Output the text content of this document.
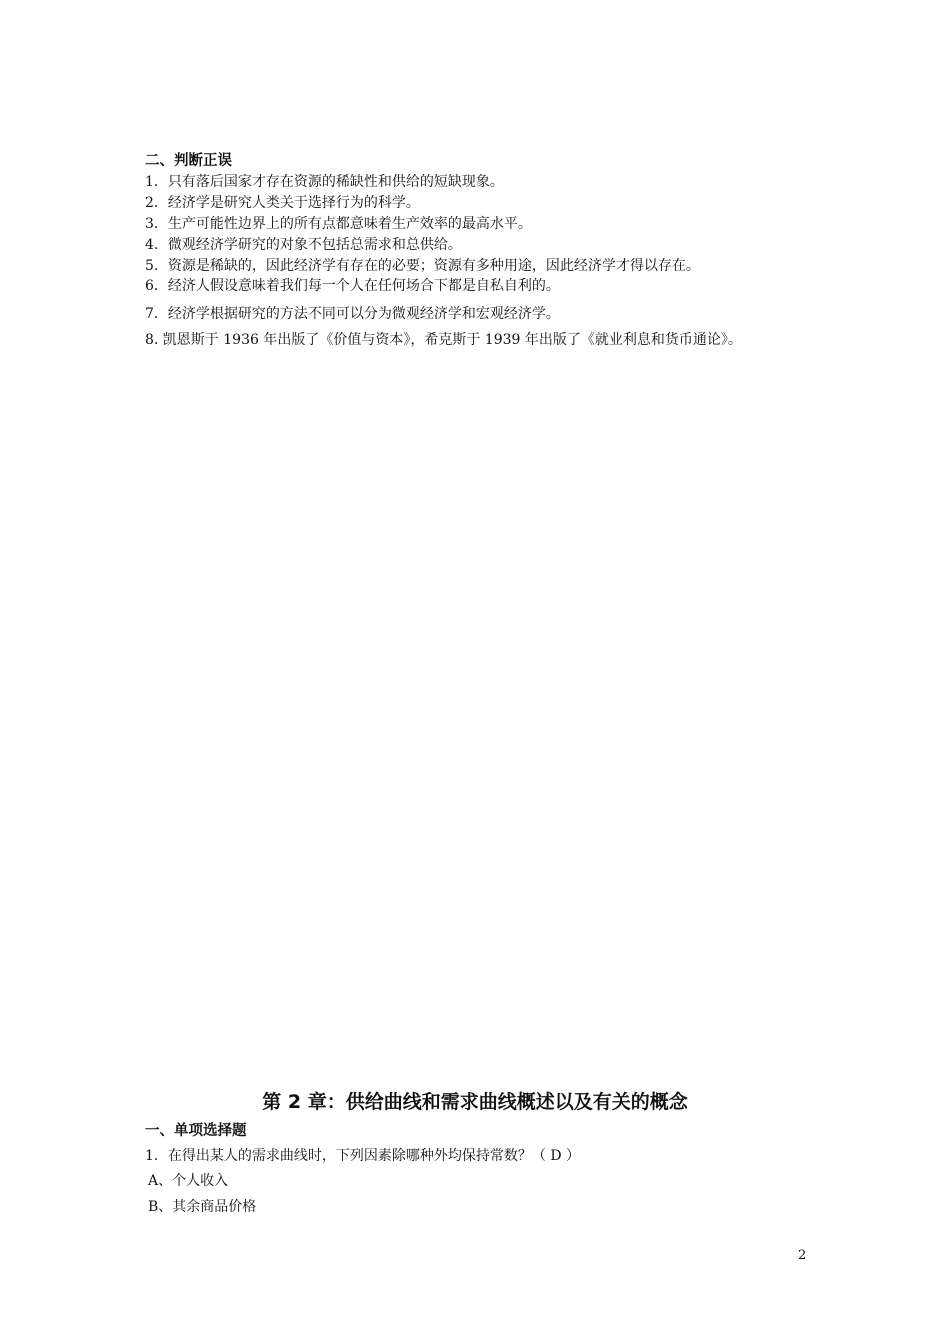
二、判断正误
1．只有落后国家才存在资源的稀缺性和供给的短缺现象。
2．经济学是研究人类关于选择行为的科学。
3．生产可能性边界上的所有点都意味着生产效率的最高水平。
4．微观经济学研究的对象不包括总需求和总供给。
5．资源是稀缺的，因此经济学有存在的必要；资源有多种用途，因此经济学才得以存在。
6．经济人假设意味着我们每一个人在任何场合下都是自私自利的。
7．经济学根据研究的方法不同可以分为微观经济学和宏观经济学。
8. 凯恩斯于 1936 年出版了《价值与资本》，希克斯于 1939 年出版了《就业利息和货币通论》。
第 2 章：供给曲线和需求曲线概述以及有关的概念
一、单项选择题
1．在得出某人的需求曲线时，下列因素除哪种外均保持常数？（ D ）
A、个人收入
B、其余商品价格
2
